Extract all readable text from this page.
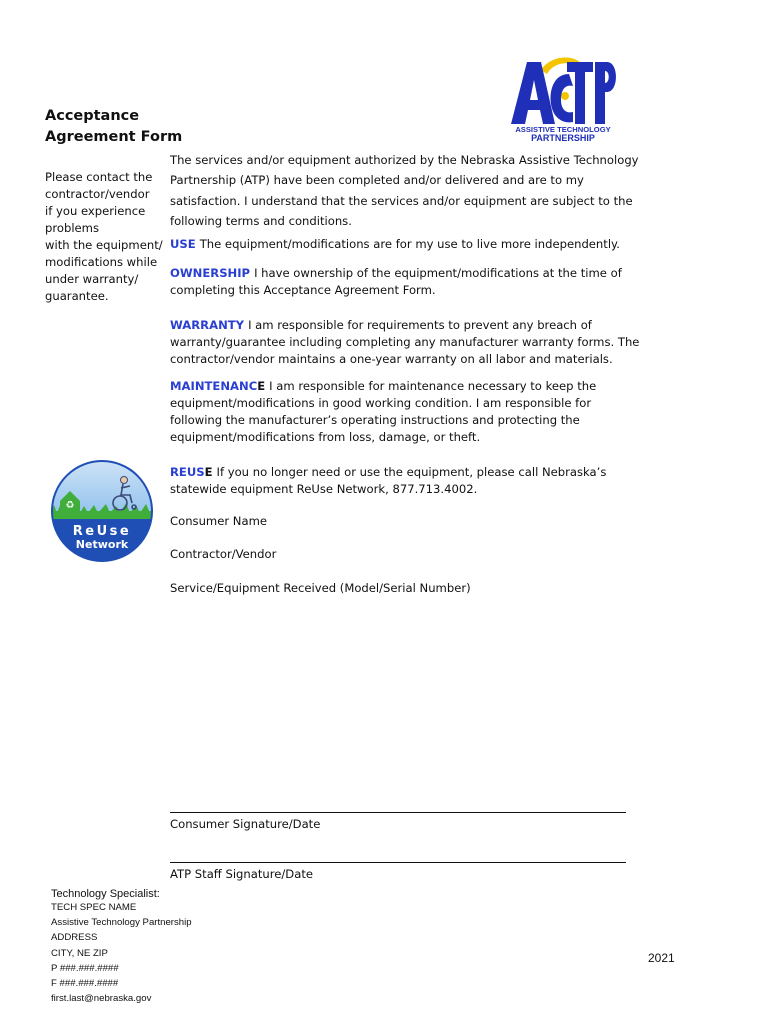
Acceptance
Agreement Form
Please contact the
contractor/vendor
if you experience
problems
with the equipment/
modifications while
under warranty/
guarantee.
ASSISTIVE TECHNOLOGY
PARTNERSHIP
The services and/or equipment authorized by the Nebraska Assistive Technology Partnership (ATP) have been completed and/or delivered and are to my satisfaction. I understand that the services and/or equipment are subject to the following terms and conditions.
USE The equipment/modifications are for my use to live more independently.
OWNERSHIP I have ownership of the equipment/modifications at the time of completing this Acceptance Agreement Form.
WARRANTY I am responsible for requirements to prevent any breach of warranty/guarantee including completing any manufacturer warranty forms. The contractor/vendor maintains a one-year warranty on all labor and materials.
MAINTENANCE I am responsible for maintenance necessary to keep the equipment/modifications in good working condition. I am responsible for following the manufacturer’s operating instructions and protecting the equipment/modifications from loss, damage, or theft.
REUSE If you no longer need or use the equipment, please call Nebraska’s statewide equipment ReUse Network, 877.713.4002.
♻
ReUse
Network
Consumer Name
Contractor/Vendor
Service/Equipment Received (Model/Serial Number)
Consumer Signature/Date
ATP Staff Signature/Date
Technology Specialist:
TECH SPEC NAME
Assistive Technology Partnership
ADDRESS
CITY, NE ZIP
P ###.###.####
F ###.###.####
first.last@nebraska.gov
2021
